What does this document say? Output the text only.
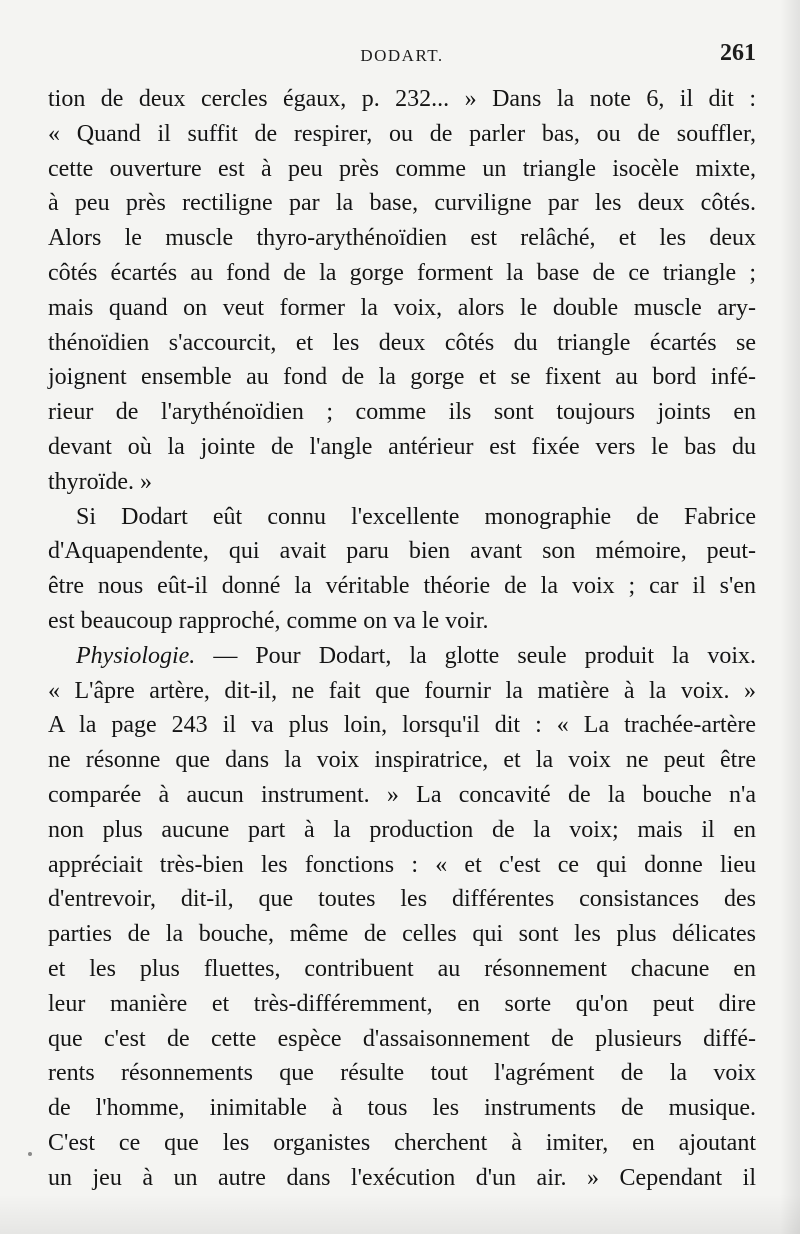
DODART.	261
tion de deux cercles égaux, p. 232... » Dans la note 6, il dit :
« Quand il suffit de respirer, ou de parler bas, ou de souffler,
cette ouverture est à peu près comme un triangle isocèle mixte,
à peu près rectiligne par la base, curviligne par les deux côtés.
Alors le muscle thyro-arythénoïdien est relâché, et les deux
côtés écartés au fond de la gorge forment la base de ce triangle ;
mais quand on veut former la voix, alors le double muscle ary-
thénoïdien s'accourcit, et les deux côtés du triangle écartés se
joignent ensemble au fond de la gorge et se fixent au bord infé-
rieur de l'arythénoïdien ; comme ils sont toujours joints en
devant où la jointe de l'angle antérieur est fixée vers le bas du
thyroïde. »
Si Dodart eût connu l'excellente monographie de Fabrice
d'Aquapendente, qui avait paru bien avant son mémoire, peut-
être nous eût-il donné la véritable théorie de la voix ; car il s'en
est beaucoup rapproché, comme on va le voir.
Physiologie. — Pour Dodart, la glotte seule produit la voix.
« L'âpre artère, dit-il, ne fait que fournir la matière à la voix. »
A la page 243 il va plus loin, lorsqu'il dit : « La trachée-artère
ne résonne que dans la voix inspiratrice, et la voix ne peut être
comparée à aucun instrument. » La concavité de la bouche n'a
non plus aucune part à la production de la voix; mais il en
appréciait très-bien les fonctions : « et c'est ce qui donne lieu
d'entrevoir, dit-il, que toutes les différentes consistances des
parties de la bouche, même de celles qui sont les plus délicates
et les plus fluettes, contribuent au résonnement chacune en
leur manière et très-différemment, en sorte qu'on peut dire
que c'est de cette espèce d'assaisonnement de plusieurs diffé-
rents résonnements que résulte tout l'agrément de la voix
de l'homme, inimitable à tous les instruments de musique.
C'est ce que les organistes cherchent à imiter, en ajoutant
un jeu à un autre dans l'exécution d'un air. » Cependant il
